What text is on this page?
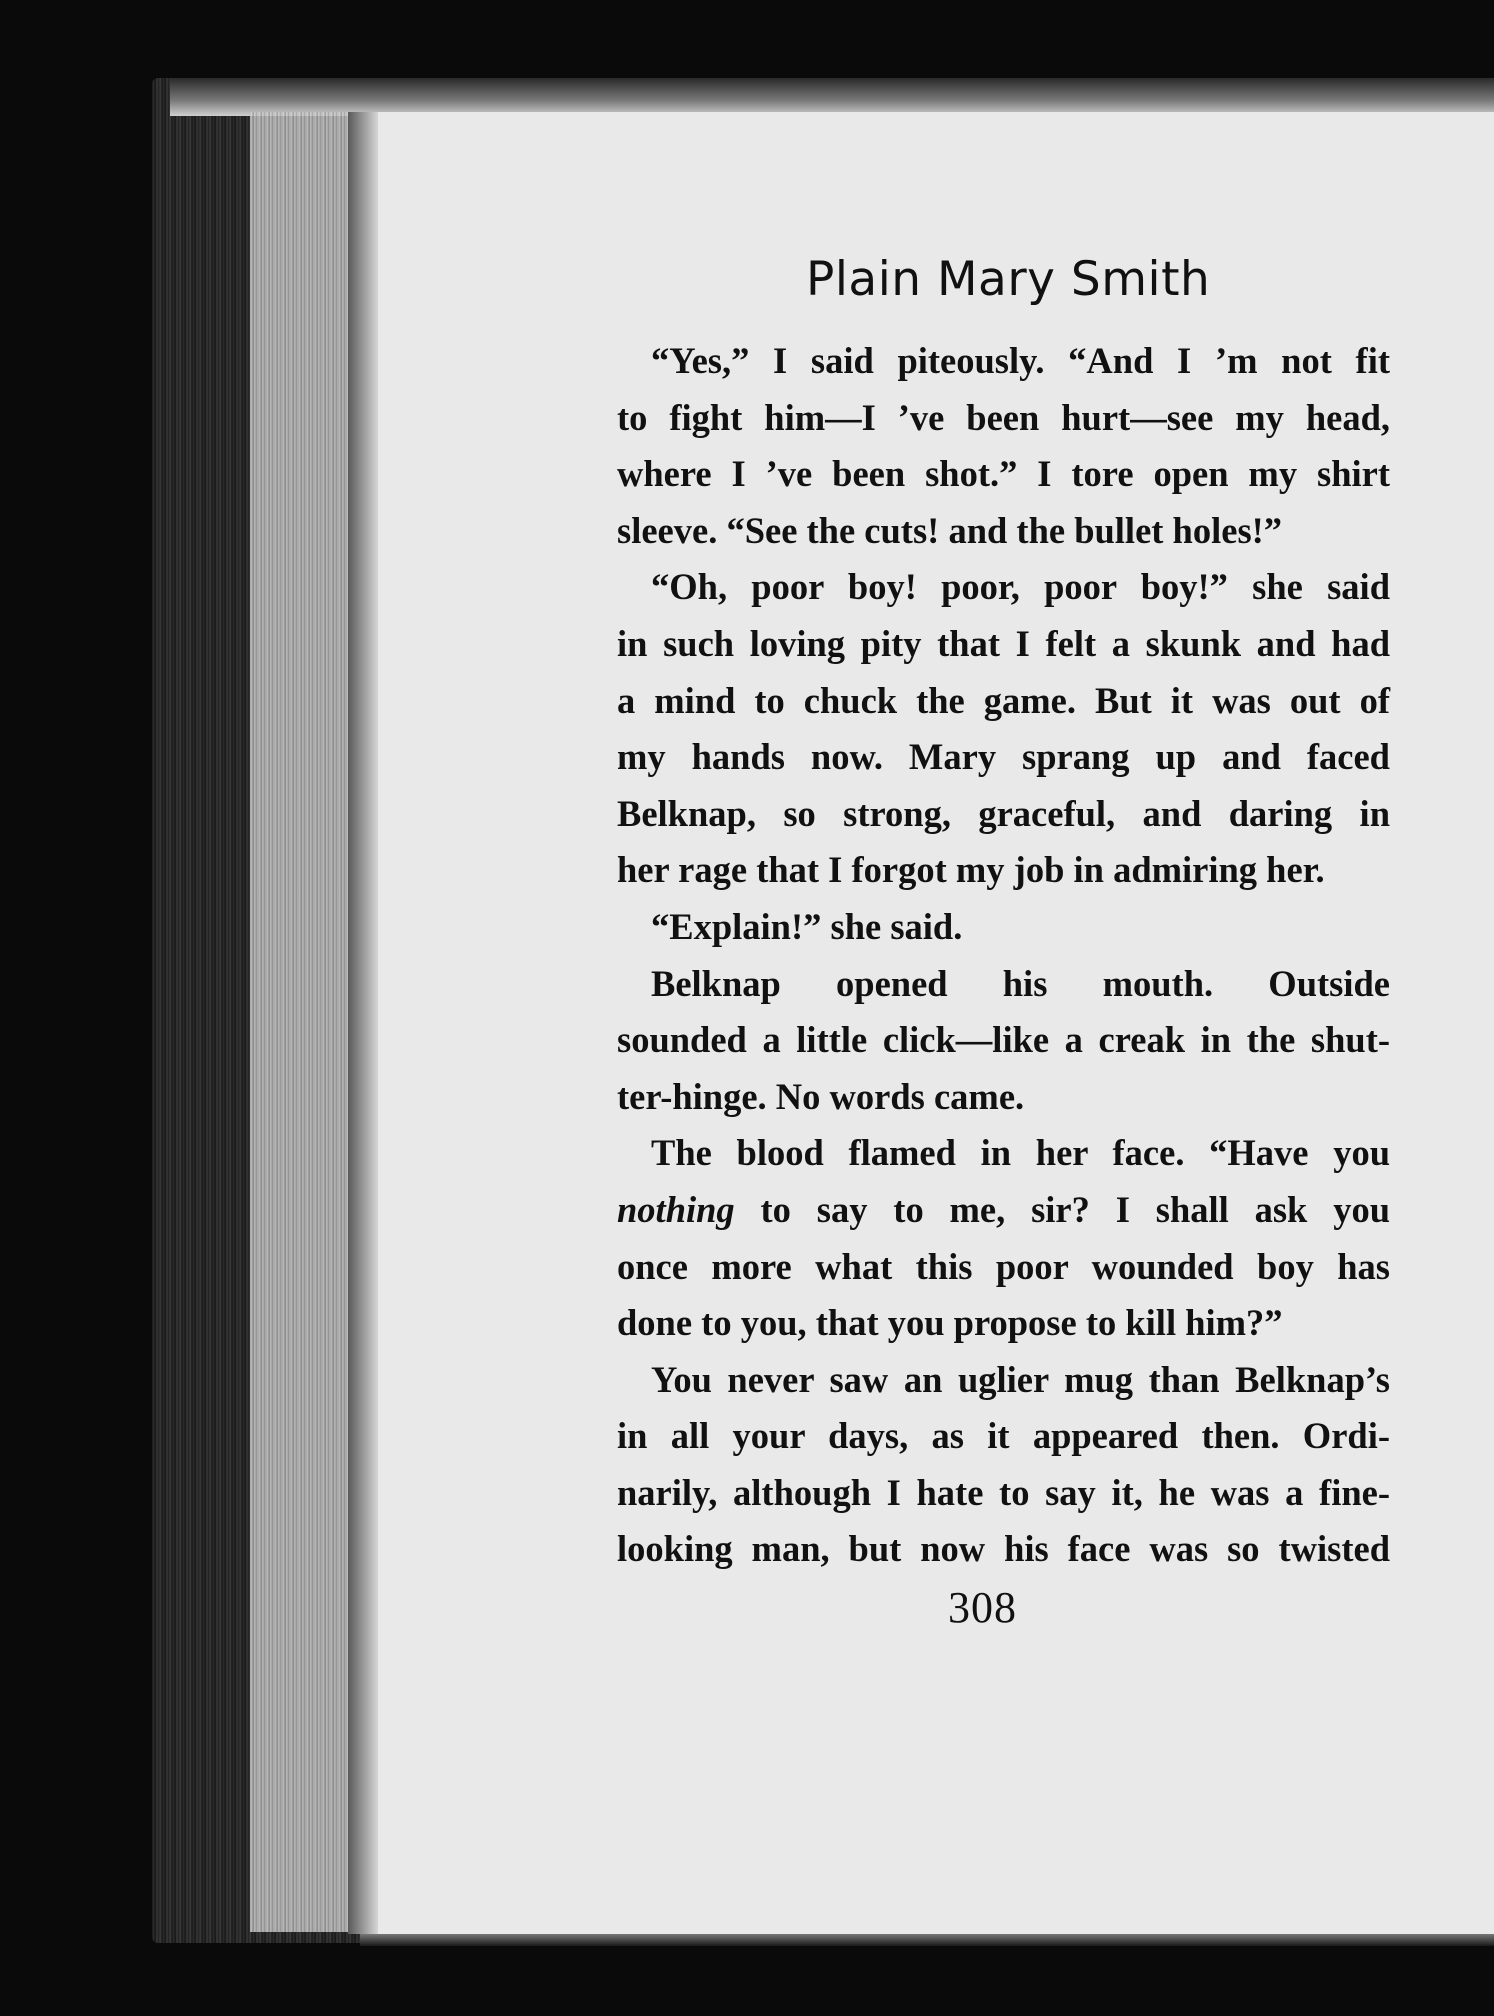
Plain Mary Smith
“Yes,” I said piteously. “And I ’m not fit
to fight him—I ’ve been hurt—see my head,
where I ’ve been shot.” I tore open my shirt
sleeve. “See the cuts! and the bullet holes!”
“Oh, poor boy! poor, poor boy!” she said
in such loving pity that I felt a skunk and had
a mind to chuck the game. But it was out of
my hands now. Mary sprang up and faced
Belknap, so strong, graceful, and daring in
her rage that I forgot my job in admiring her.
“Explain!” she said.
Belknap opened his mouth. Outside
sounded a little click—like a creak in the shut-
ter-hinge. No words came.
The blood flamed in her face. “Have you
nothing to say to me, sir? I shall ask you
once more what this poor wounded boy has
done to you, that you propose to kill him?”
You never saw an uglier mug than Belknap’s
in all your days, as it appeared then. Ordi-
narily, although I hate to say it, he was a fine-
looking man, but now his face was so twisted
308
